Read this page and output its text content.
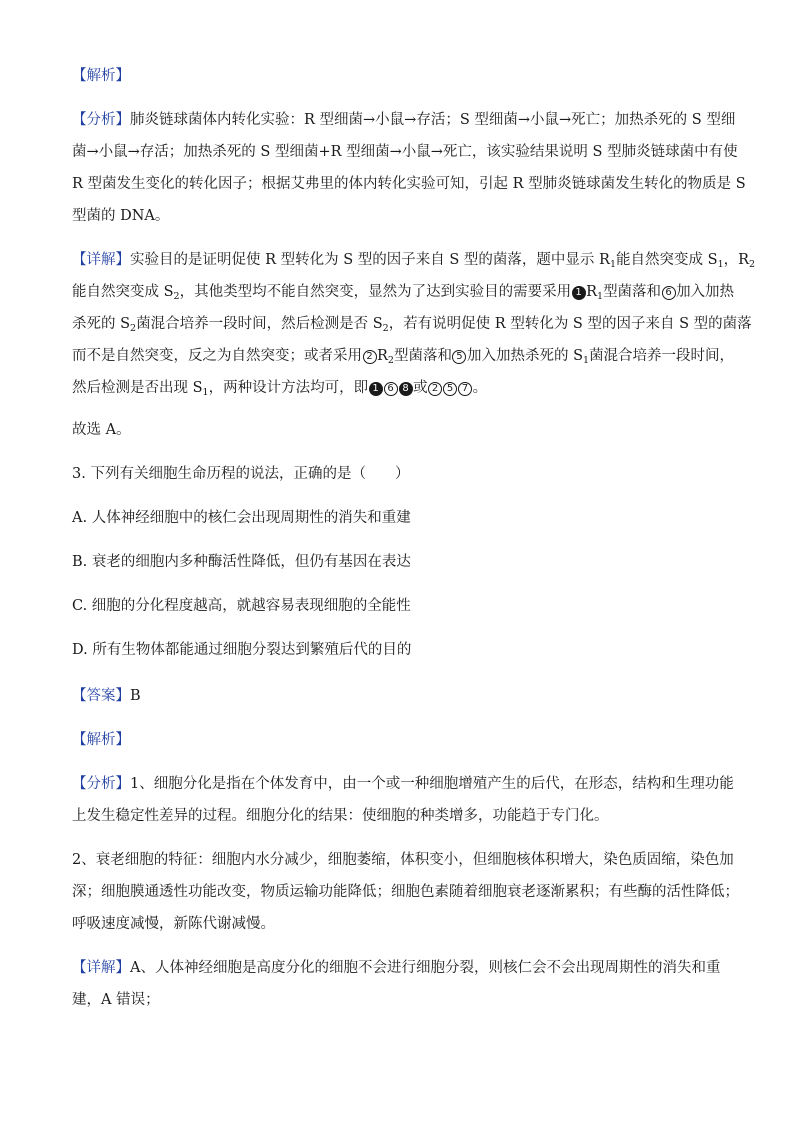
【解析】
【分析】肺炎链球菌体内转化实验：R 型细菌→小鼠→存活；S 型细菌→小鼠→死亡；加热杀死的 S 型细
菌→小鼠→存活；加热杀死的 S 型细菌+R 型细菌→小鼠→死亡，该实验结果说明 S 型肺炎链球菌中有使
R 型菌发生变化的转化因子；根据艾弗里的体内转化实验可知，引起 R 型肺炎链球菌发生转化的物质是 S
型菌的 DNA。
【详解】实验目的是证明促使 R 型转化为 S 型的因子来自 S 型的菌落，题中显示 $R_1$能自然突变成 $S_1$，$R_2$
能自然突变成 $S_2$，其他类型均不能自然突变，显然为了达到实验目的需要采用 1 $R_1$型菌落和 6 加入加热
杀死的 $S_2$菌混合培养一段时间，然后检测是否 $S_2$，若有说明促使 R 型转化为 S 型的因子来自 S 型的菌落
而不是自然突变，反之为自然突变；或者采用 2 $R_2$型菌落和 5 加入加热杀死的 $S_1$菌混合培养一段时间，
然后检测是否出现 $S_1$，两种设计方法均可，即 1 6 8 或 2 5 7 。
故选 A。
3. 下列有关细胞生命历程的说法，正确的是（　　）
A. 人体神经细胞中的核仁会出现周期性的消失和重建
B. 衰老的细胞内多种酶活性降低，但仍有基因在表达
C. 细胞的分化程度越高，就越容易表现细胞的全能性
D. 所有生物体都能通过细胞分裂达到繁殖后代的目的
【答案】B
【解析】
【分析】1、细胞分化是指在个体发育中，由一个或一种细胞增殖产生的后代，在形态，结构和生理功能
上发生稳定性差异的过程。细胞分化的结果：使细胞的种类增多，功能趋于专门化。
2、衰老细胞的特征：细胞内水分减少，细胞萎缩，体积变小，但细胞核体积增大，染色质固缩，染色加
深；细胞膜通透性功能改变，物质运输功能降低；细胞色素随着细胞衰老逐渐累积；有些酶的活性降低；
呼吸速度减慢，新陈代谢减慢。
【详解】A、人体神经细胞是高度分化的细胞不会进行细胞分裂，则核仁会不会出现周期性的消失和重
建，A 错误；
